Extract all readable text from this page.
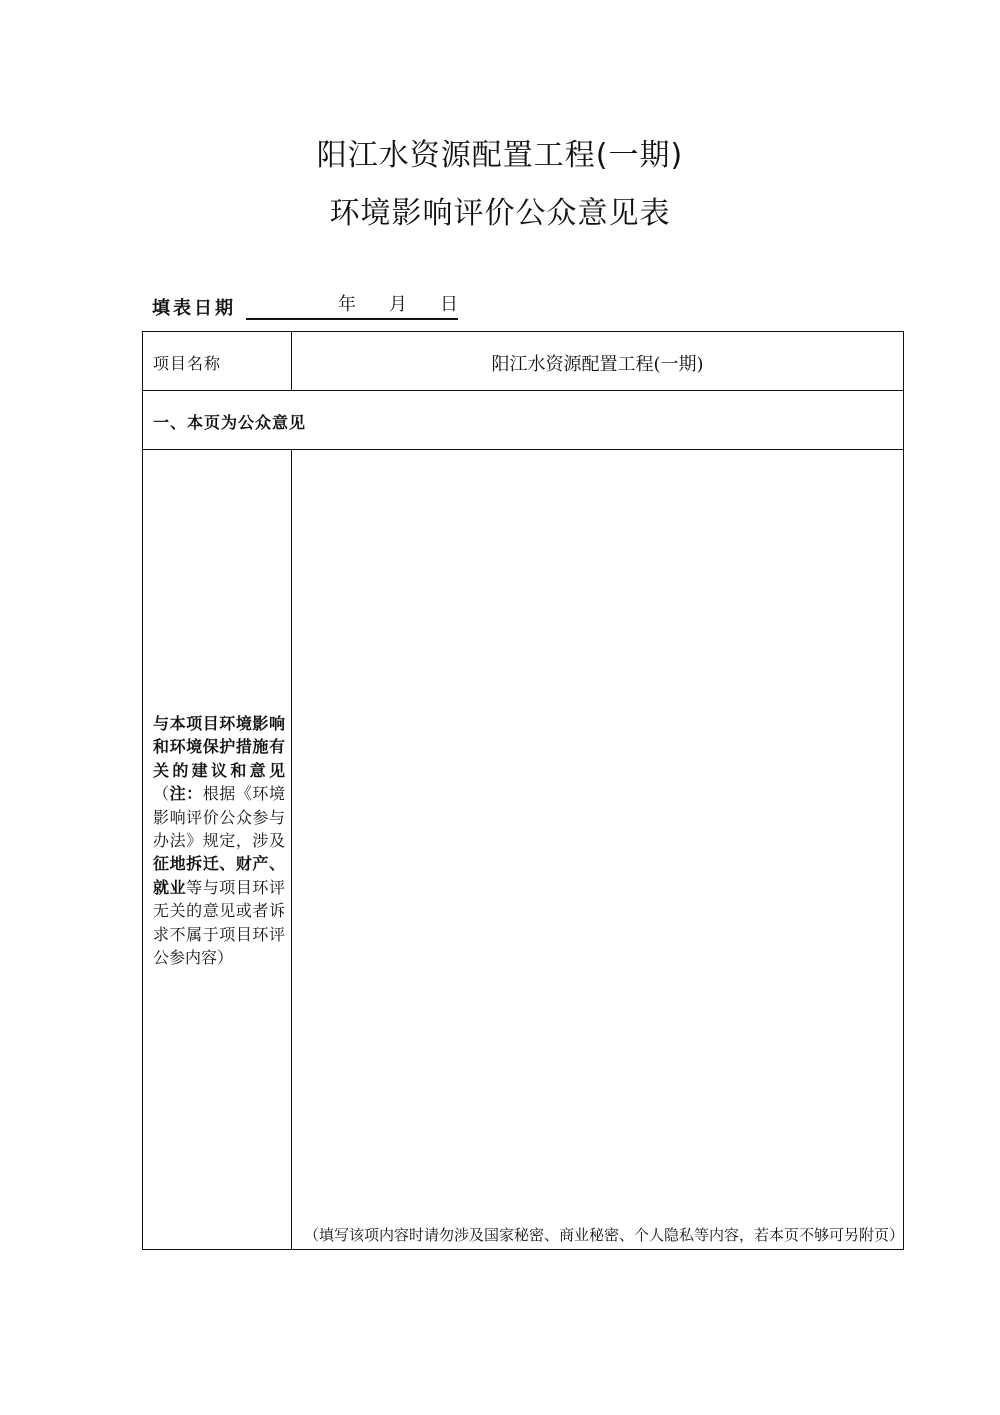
阳江水资源配置工程(一期)
环境影响评价公众意见表
填表日期	年 月 日
项目名称	阳江水资源配置工程(一期)
一、本页为公众意见
与本项目环境影响和环境保护措施有关的建议和意见（注：根据《环境影响评价公众参与办法》规定，涉及征地拆迁、财产、就业等与项目环评无关的意见或者诉求不属于项目环评公参内容）
（填写该项内容时请勿涉及国家秘密、商业秘密、个人隐私等内容，若本页不够可另附页）
